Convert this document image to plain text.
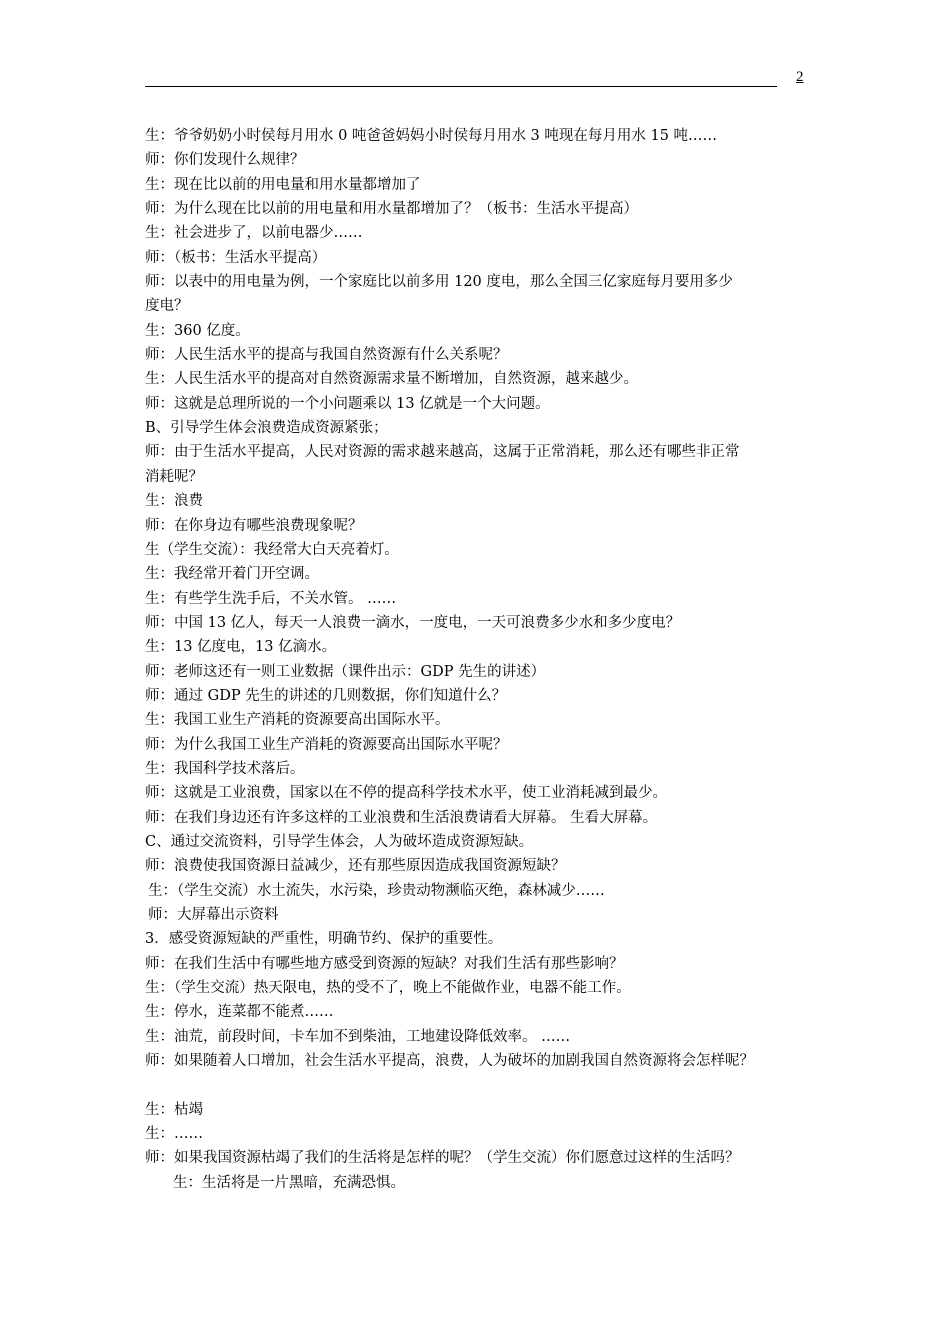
2
生：爷爷奶奶小时侯每月用水 0 吨爸爸妈妈小时侯每月用水 3 吨现在每月用水 15 吨……
师：你们发现什么规律？
生：现在比以前的用电量和用水量都增加了
师：为什么现在比以前的用电量和用水量都增加了？（板书：生活水平提高）
生：社会进步了，以前电器少……
师：（板书：生活水平提高）
师：以表中的用电量为例，一个家庭比以前多用 120 度电，那么全国三亿家庭每月要用多少
度电？
生：360 亿度。
师：人民生活水平的提高与我国自然资源有什么关系呢？
生：人民生活水平的提高对自然资源需求量不断增加，自然资源，越来越少。
师：这就是总理所说的一个小问题乘以 13 亿就是一个大问题。
B、引导学生体会浪费造成资源紧张；
师：由于生活水平提高，人民对资源的需求越来越高，这属于正常消耗，那么还有哪些非正常
消耗呢？
生：浪费
师：在你身边有哪些浪费现象呢？
生（学生交流）：我经常大白天亮着灯。
生：我经常开着门开空调。
生：有些学生洗手后，不关水管。 ……
师：中国 13 亿人，每天一人浪费一滴水，一度电，一天可浪费多少水和多少度电？
生：13 亿度电，13 亿滴水。
师：老师这还有一则工业数据（课件出示：GDP 先生的讲述）
师：通过 GDP 先生的讲述的几则数据，你们知道什么？
生：我国工业生产消耗的资源要高出国际水平。
师：为什么我国工业生产消耗的资源要高出国际水平呢？
生：我国科学技术落后。
师：这就是工业浪费，国家以在不停的提高科学技术水平，使工业消耗减到最少。
师：在我们身边还有许多这样的工业浪费和生活浪费请看大屏幕。 生看大屏幕。
C、通过交流资料，引导学生体会，人为破坏造成资源短缺。
师：浪费使我国资源日益减少，还有那些原因造成我国资源短缺？
生：（学生交流）水土流失，水污染，珍贵动物濒临灭绝，森林减少……
师：大屏幕出示资料
3．感受资源短缺的严重性，明确节约、保护的重要性。
师：在我们生活中有哪些地方感受到资源的短缺？对我们生活有那些影响？
生：（学生交流）热天限电，热的受不了，晚上不能做作业，电器不能工作。
生：停水，连菜都不能煮……
生：油荒，前段时间，卡车加不到柴油，工地建设降低效率。 ……
师：如果随着人口增加，社会生活水平提高，浪费，人为破坏的加剧我国自然资源将会怎样呢？
生：枯竭
生：……
师：如果我国资源枯竭了我们的生活将是怎样的呢？（学生交流）你们愿意过这样的生活吗？
生：生活将是一片黑暗，充满恐惧。
